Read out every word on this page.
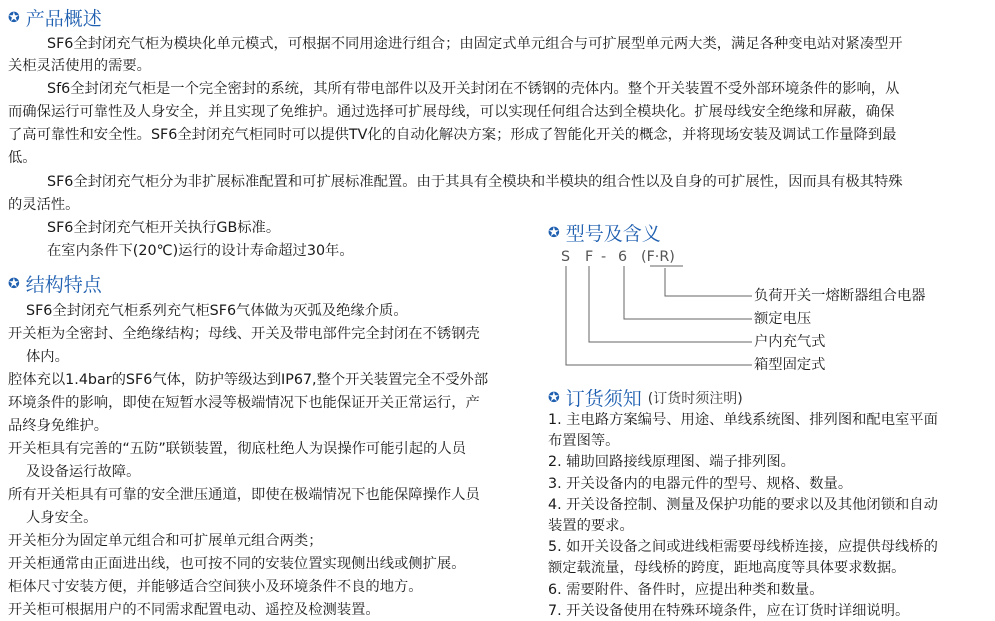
✪ 产品概述
SF6全封闭充气柜为模块化单元模式，可根据不同用途进行组合；由固定式单元组合与可扩展型单元两大类，满足各种变电站对紧凑型开
关柜灵活使用的需要。
Sf6全封闭充气柜是一个完全密封的系统，其所有带电部件以及开关封闭在不锈钢的壳体内。整个开关装置不受外部环境条件的影响，从
而确保运行可靠性及人身安全，并且实现了免维护。通过选择可扩展母线，可以实现任何组合达到全模块化。扩展母线安全绝缘和屏蔽，确保
了高可靠性和安全性。SF6全封闭充气柜同时可以提供TV化的自动化解决方案；形成了智能化开关的概念，并将现场安装及调试工作量降到最
低。
SF6全封闭充气柜分为非扩展标准配置和可扩展标准配置。由于其具有全模块和半模块的组合性以及自身的可扩展性，因而具有极其特殊
的灵活性。
SF6全封闭充气柜开关执行GB标准。
在室内条件下(20℃)运行的设计寿命超过30年。
✪ 结构特点
SF6全封闭充气柜系列充气柜SF6气体做为灭弧及绝缘介质。
开关柜为全密封、全绝缘结构；母线、开关及带电部件完全封闭在不锈钢壳
体内。
腔体充以1.4bar的SF6气体，防护等级达到IP67,整个开关装置完全不受外部
环境条件的影响，即使在短暂水浸等极端情况下也能保证开关正常运行，产
品终身免维护。
开关柜具有完善的“五防”联锁装置，彻底杜绝人为误操作可能引起的人员
及设备运行故障。
所有开关柜具有可靠的安全泄压通道，即使在极端情况下也能保障操作人员
人身安全。
开关柜分为固定单元组合和可扩展单元组合两类；
开关柜通常由正面进出线，也可按不同的安装位置实现侧出线或侧扩展。
柜体尺寸安装方便，并能够适合空间狭小及环境条件不良的地方。
开关柜可根据用户的不同需求配置电动、遥控及检测装置。
✪ 型号及含义
S F - 6 (F·R)
负荷开关一熔断器组合电器
额定电压
户内充气式
箱型固定式
✪ 订货须知 (订货时须注明)
1. 主电路方案编号、用途、单线系统图、排列图和配电室平面
布置图等。
2. 辅助回路接线原理图、端子排列图。
3. 开关设备内的电器元件的型号、规格、数量。
4. 开关设备控制、测量及保护功能的要求以及其他闭锁和自动
装置的要求。
5. 如开关设备之间或进线柜需要母线桥连接，应提供母线桥的
额定载流量，母线桥的跨度，距地高度等具体要求数据。
6. 需要附件、备件时，应提出种类和数量。
7. 开关设备使用在特殊环境条件，应在订货时详细说明。
